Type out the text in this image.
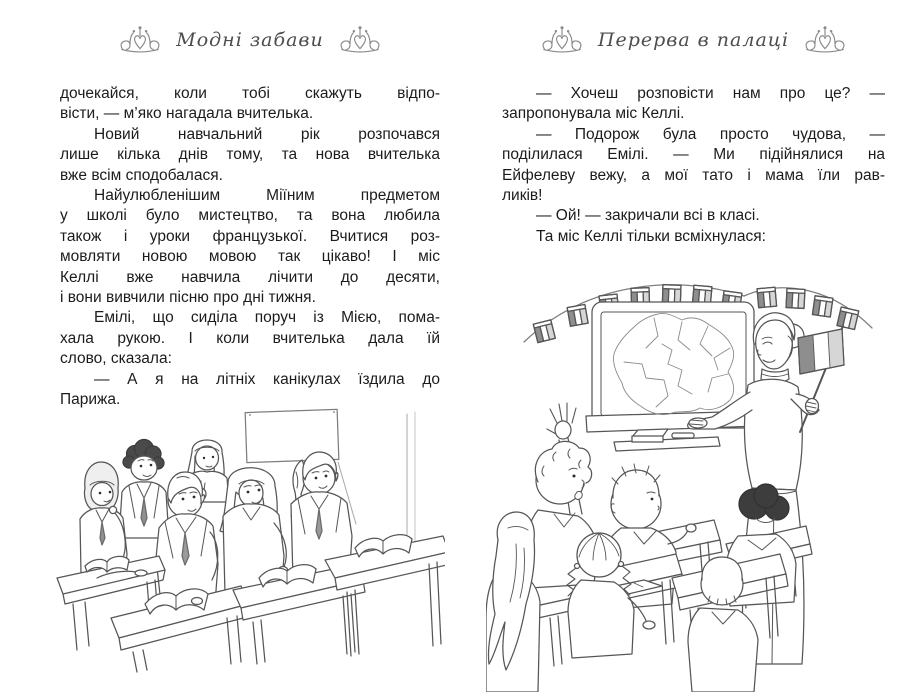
Модні забави	Перерва в палаці
дочекайся, коли тобі скажуть відпо-
вісти, — м’яко нагадала вчителька.
Новий навчальний рік розпочався
лише кілька днів тому, та нова вчителька
вже всім сподобалася.
Найулюбленішим Міїним предметом
у школі було мистецтво, та вона любила
також і уроки французької. Вчитися роз-
мовляти новою мовою так цікаво! І міс
Келлі вже навчила лічити до десяти,
і вони вивчили пісню про дні тижня.
Емілі, що сиділа поруч із Мією, пома-
хала рукою. І коли вчителька дала їй
слово, сказала:
— А я на літніх канікулах їздила до
Парижа.
— Хочеш розповісти нам про це? —
запропонувала міс Келлі.
— Подорож була просто чудова, —
поділилася Емілі. — Ми підійнялися на
Ейфелеву вежу, а мої тато і мама їли рав-
ликів!
— Ой! — закричали всі в класі.
Та міс Келлі тільки всміхнулася:
